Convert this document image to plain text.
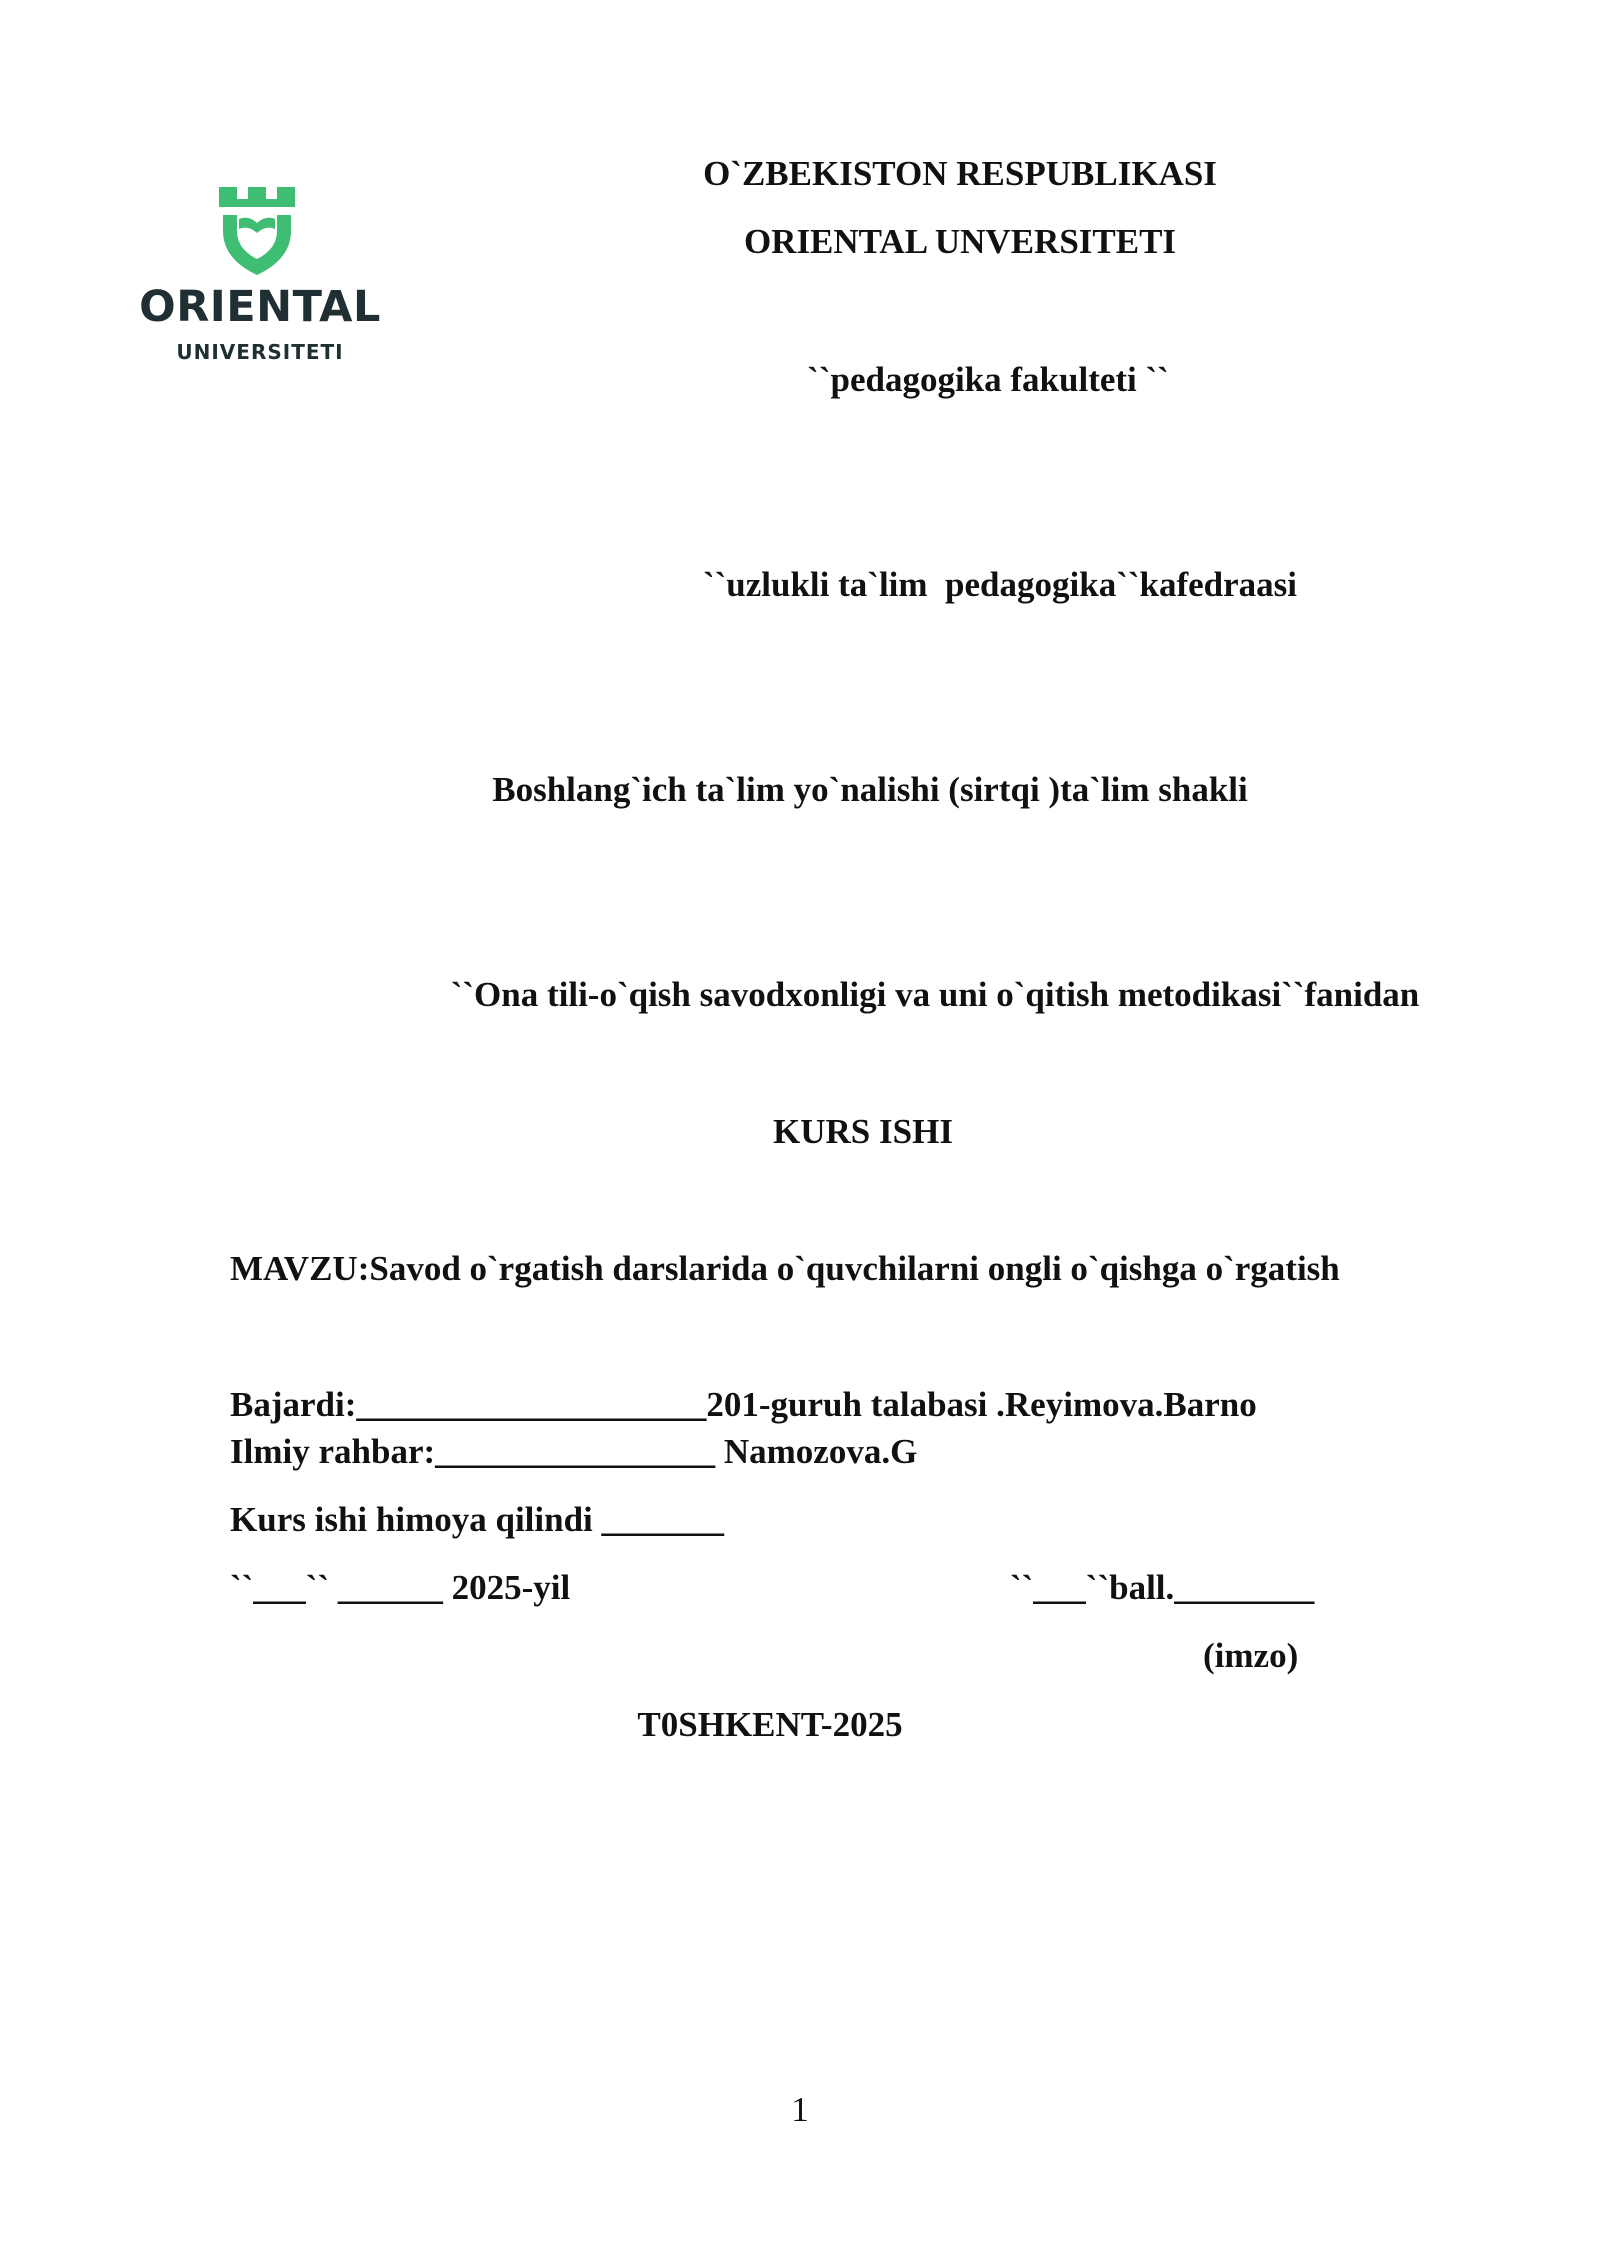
ORIENTAL
UNIVERSITETI
O`ZBEKISTON RESPUBLIKASI
ORIENTAL UNVERSITETI
``pedagogika fakulteti ``
``uzlukli ta`lim  pedagogika``kafedraasi
Boshlang`ich ta`lim yo`nalishi (sirtqi )ta`lim shakli
``Ona tili-o`qish savodxonligi va uni o`qitish metodikasi``fanidan
KURS ISHI
MAVZU:Savod o`rgatish darslarida o`quvchilarni ongli o`qishga o`rgatish
Bajardi:____________________201-guruh talabasi .Reyimova.Barno
Ilmiy rahbar:________________ Namozova.G
Kurs ishi himoya qilindi _______
``___`` ______ 2025-yil	``___``ball.________
(imzo)
T0SHKENT-2025
1
